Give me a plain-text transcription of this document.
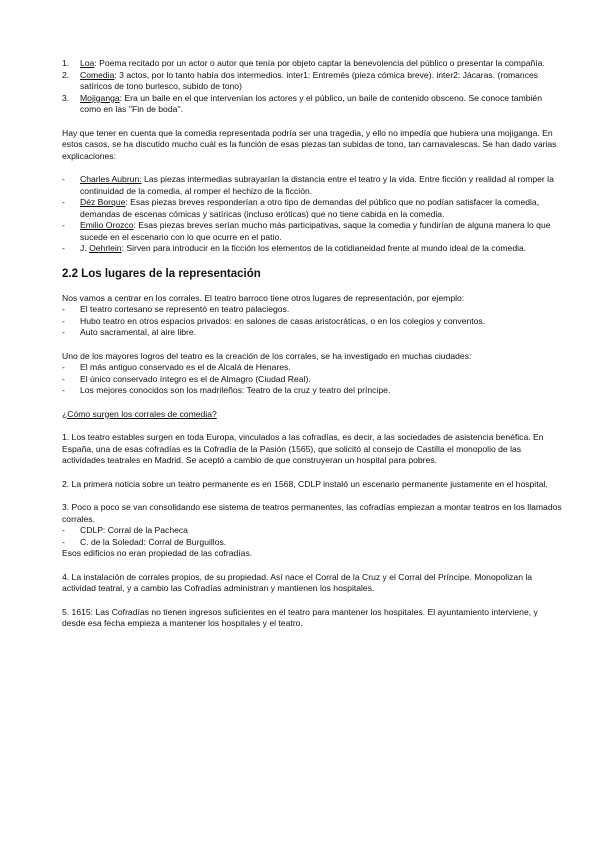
1. Loa: Poema recitado por un actor o autor que tenía por objeto captar la benevolencia del público o presentar la compañía.
2. Comedia: 3 actos, por lo tanto había dos intermedios. inter1: Entremés (pieza cómica breve). inter2: Jácaras. (romances satíricos de tono burlesco, subido de tono)
3. Mojiganga: Era un baile en el que intervenían los actores y el público, un baile de contenido obsceno. Se conoce también como en las ''Fin de boda''.

Hay que tener en cuenta que la comedia representada podría ser una tragedia, y ello no impedía que hubiera una mojiganga. En estos casos, se ha discutido mucho cuál es la función de esas piezas tan subidas de tono, tan carnavalescas. Se han dado varias explicaciones:

- Charles Aubrun: Las piezas intermedias subrayarían la distancia entre el teatro y la vida. Entre ficción y realidad al romper la continuidad de la comedia, al romper el hechizo de la ficción.
- Déz Borque: Esas piezas breves responderían a otro tipo de demandas del público que no podían satisfacer la comedia, demandas de escenas cómicas y satíricas (incluso eróticas) que no tiene cabida en la comedia.
- Emilio Orozco: Esas piezas breves serían mucho más participativas, saque la comedia y fundirían de alguna manera lo que sucede en el escenario con lo que ocurre en el patio.
- J. Oehrlein: Sirven para introducir en la ficción los elementos de la cotidianeidad frente al mundo ideal de la comedia.
2.2 Los lugares de la representación

Nos vamos a centrar en los corrales. El teatro barroco tiene otros lugares de representación, por ejemplo:

- El teatro cortesano se representó en teatro palaciegos.
- Hubo teatro en otros espacios privados: en salones de casas aristocráticas, o en los colegios y conventos.
- Auto sacramental, al aire libre.

Uno de los mayores logros del teatro es la creación de los corrales, se ha investigado en muchas ciudades:

- El más antiguo conservado es el de Alcalá de Henares.
- El único conservado íntegro es el de Almagro (Ciudad Real).
- Los mejores conocidos son los madrileños: Teatro de la cruz y teatro del príncipe.

¿Cómo surgen los corrales de comedia?

1. Los teatro estables surgen en toda Europa, vinculados a las cofradías, es decir, a las sociedades de asistencia benéfica. En España, una de esas cofradías es la Cofradía de la Pasión (1565), que solicitó al consejo de Castilla el monopolio de las actividades teatrales en Madrid. Se aceptó a cambio de que construyeran un hospital para pobres.

2. La primera noticia sobre un teatro permanente es en 1568, CDLP instaló un escenario permanente justamente en el hospital.

3. Poco a poco se van consolidando ese sistema de teatros permanentes, las cofradías empiezan a montar teatros en los llamados corrales.

- CDLP: Corral de la Pacheca
- C. de la Soledad: Corral de Burguillos.

Esos edificios no eran propiedad de las cofradías.

4. La instalación de corrales propios, de su propiedad. Así nace el Corral de la Cruz y el Corral del Príncipe. Monopolizan la actividad teatral, y a cambio las Cofradías administran y mantienen los hospitales.

5. 1615: Las Cofradías no tienen ingresos suficientes en el teatro para mantener los hospitales. El ayuntamiento interviene, y desde esa fecha empieza a mantener los hospitales y el teatro.
